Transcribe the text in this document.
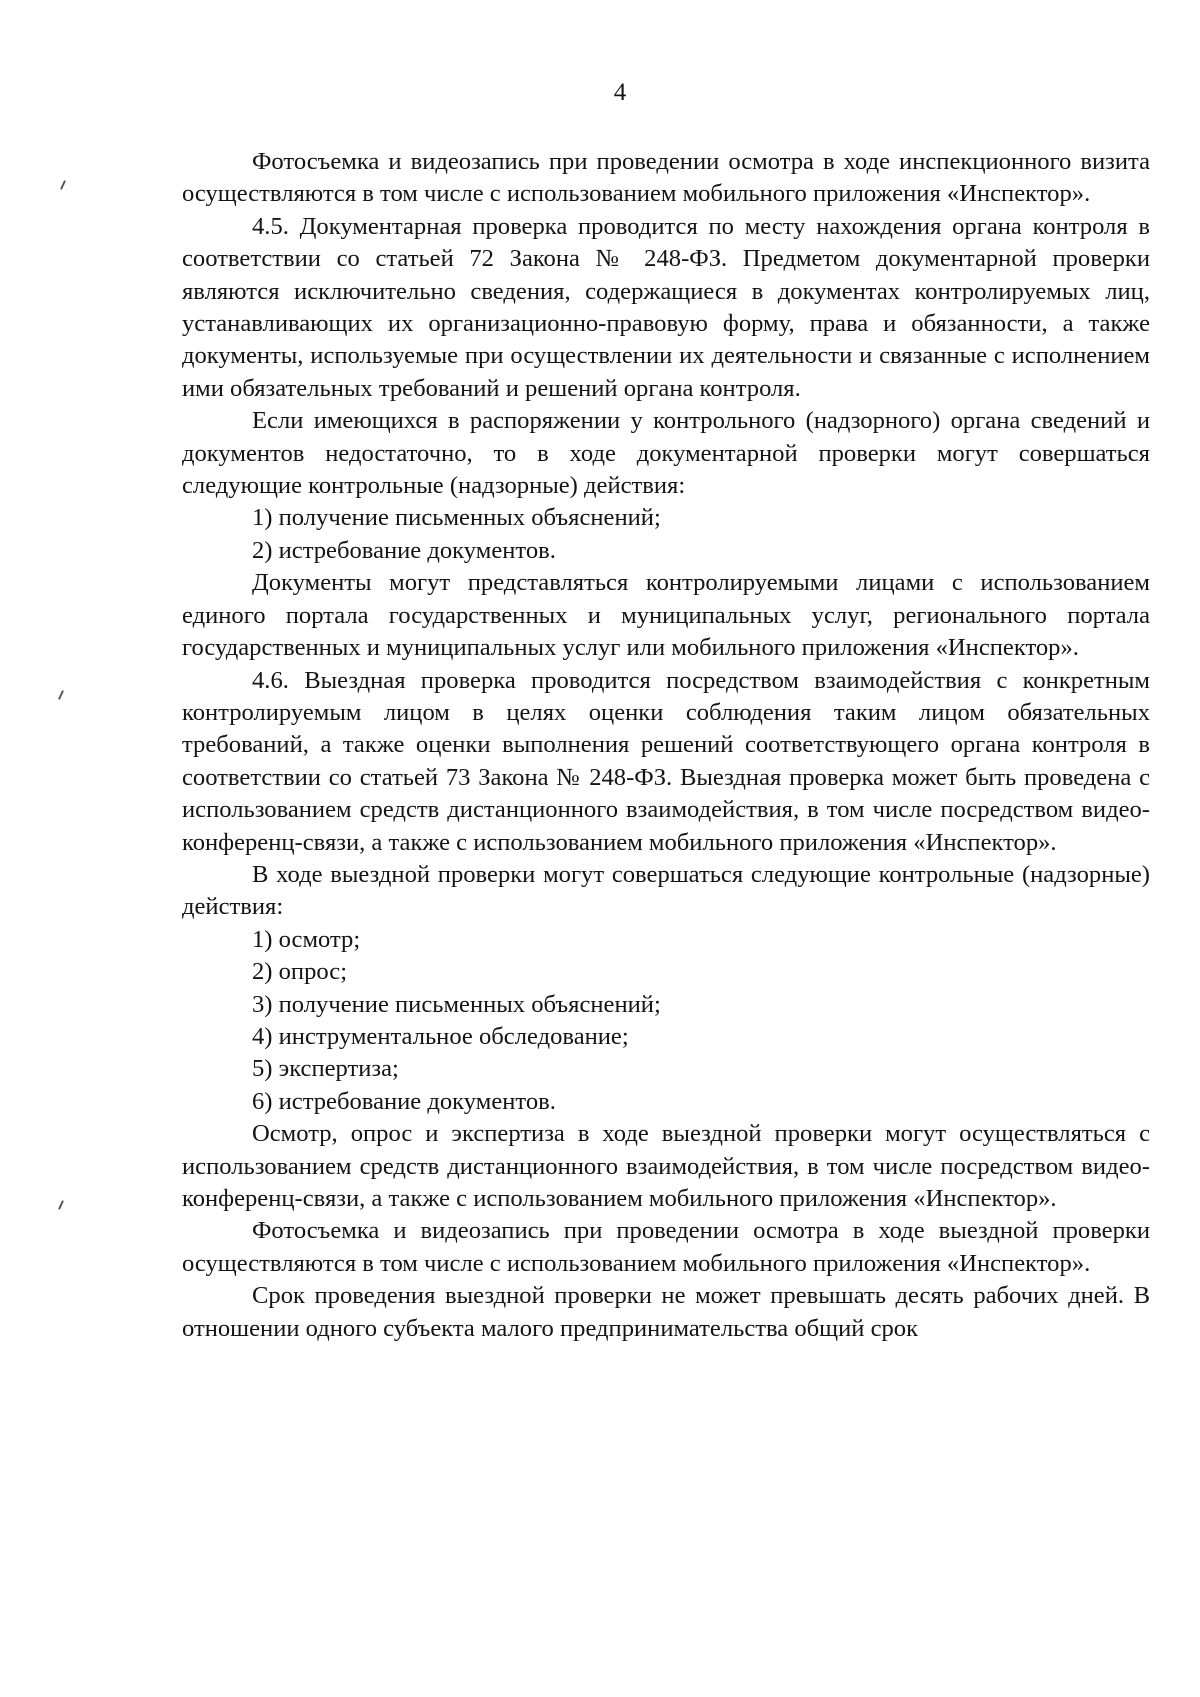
4

Фотосъемка и видеозапись при проведении осмотра в ходе инспекционного визита осуществляются в том числе с использованием мобильного приложения «Инспектор».

4.5. Документарная проверка проводится по месту нахождения органа контроля в соответствии со статьей 72 Закона № 248-ФЗ. Предметом документарной проверки являются исключительно сведения, содержащиеся в документах контролируемых лиц, устанавливающих их организационно-правовую форму, права и обязанности, а также документы, используемые при осуществлении их деятельности и связанные с исполнением ими обязательных требований и решений органа контроля.

Если имеющихся в распоряжении у контрольного (надзорного) органа сведений и документов недостаточно, то в ходе документарной проверки могут совершаться следующие контрольные (надзорные) действия:

1) получение письменных объяснений;

2) истребование документов.

Документы могут представляться контролируемыми лицами с использованием единого портала государственных и муниципальных услуг, регионального портала государственных и муниципальных услуг или мобильного приложения «Инспектор».

4.6. Выездная проверка проводится посредством взаимодействия с конкретным контролируемым лицом в целях оценки соблюдения таким лицом обязательных требований, а также оценки выполнения решений соответствующего органа контроля в соответствии со статьей 73 Закона № 248-ФЗ. Выездная проверка может быть проведена с использованием средств дистанционного взаимодействия, в том числе посредством видео-конференц-связи, а также с использованием мобильного приложения «Инспектор».

В ходе выездной проверки могут совершаться следующие контрольные (надзорные) действия:

1) осмотр;

2) опрос;

3) получение письменных объяснений;

4) инструментальное обследование;

5) экспертиза;

6) истребование документов.

Осмотр, опрос и экспертиза в ходе выездной проверки могут осуществляться с использованием средств дистанционного взаимодействия, в том числе посредством видео-конференц-связи, а также с использованием мобильного приложения «Инспектор».

Фотосъемка и видеозапись при проведении осмотра в ходе выездной проверки осуществляются в том числе с использованием мобильного приложения «Инспектор».

Срок проведения выездной проверки не может превышать десять рабочих дней. В отношении одного субъекта малого предпринимательства общий срок
